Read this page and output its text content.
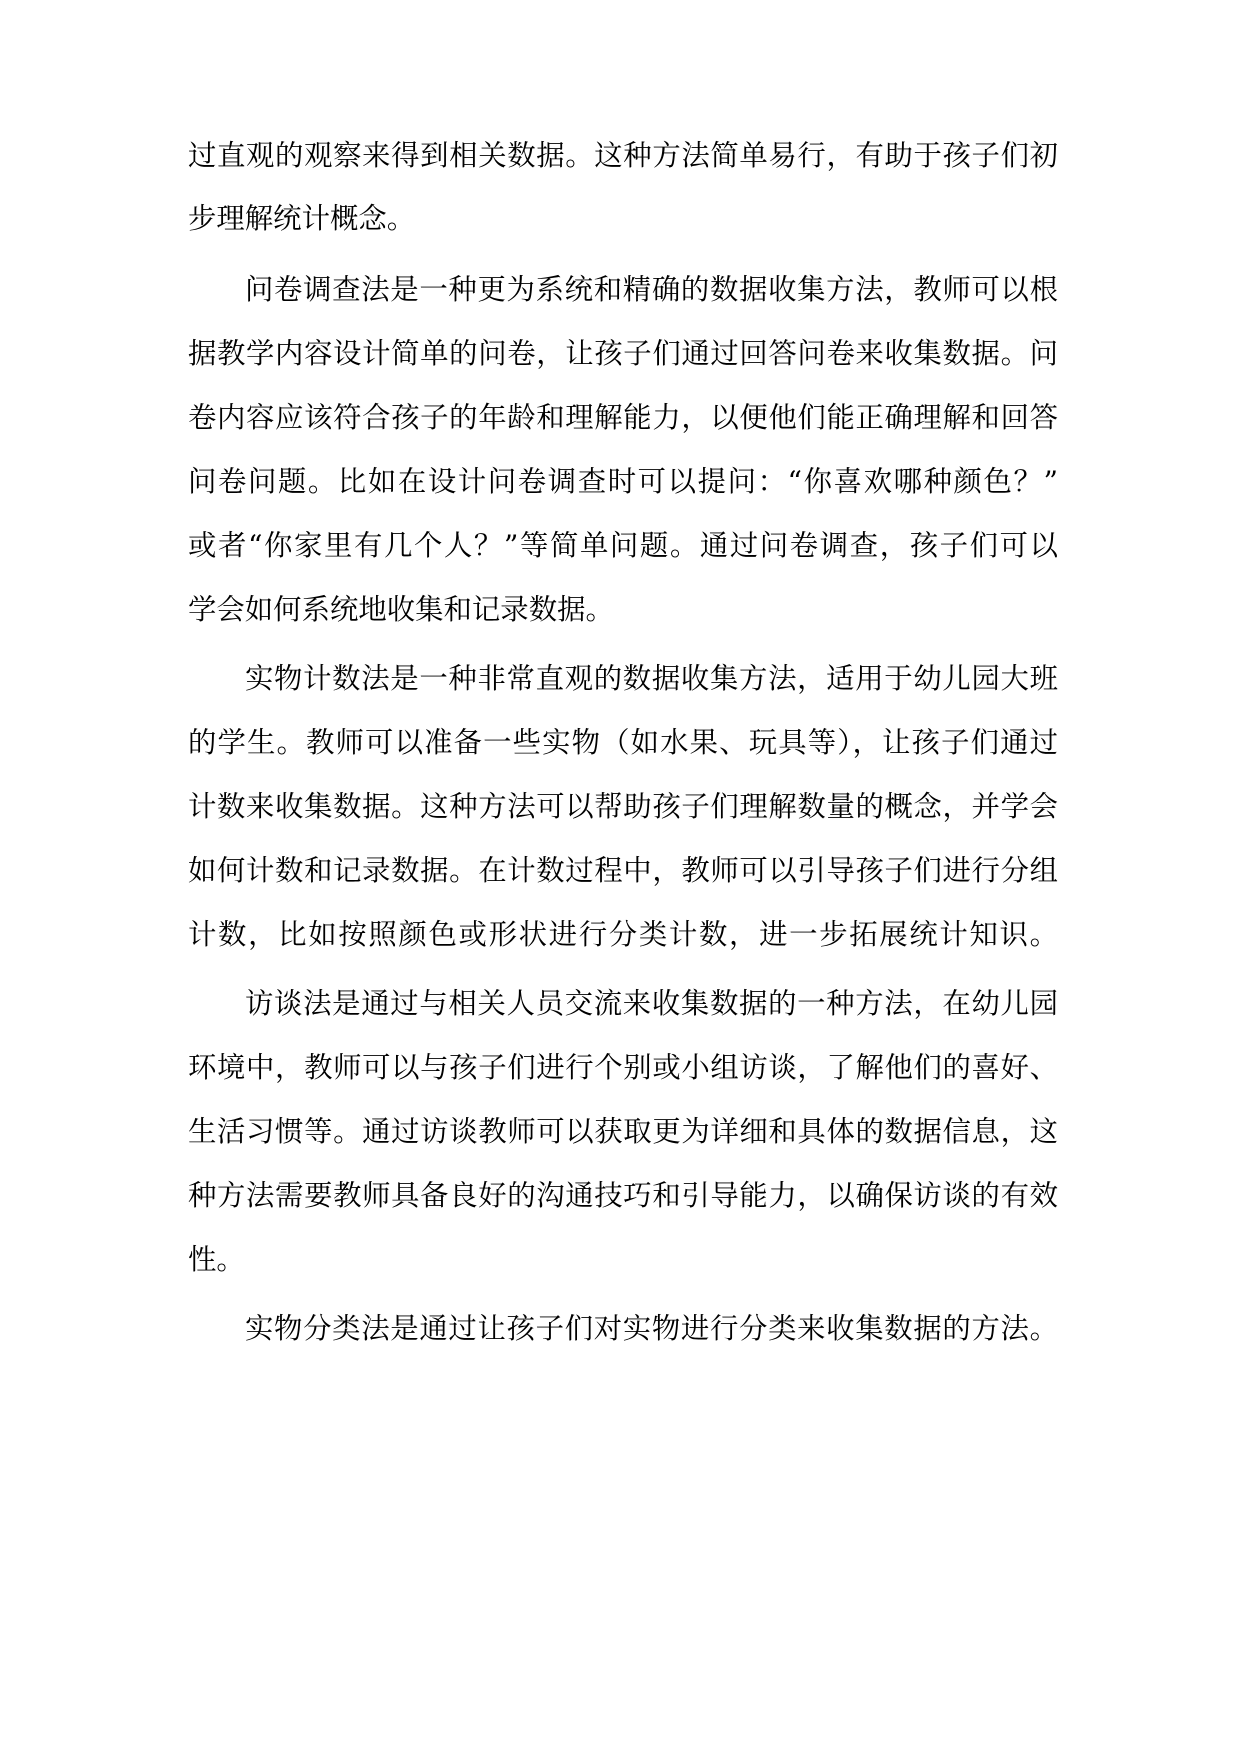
过直观的观察来得到相关数据。这种方法简单易行，有助于孩子们初
步理解统计概念。
问卷调查法是一种更为系统和精确的数据收集方法，教师可以根
据教学内容设计简单的问卷，让孩子们通过回答问卷来收集数据。问
卷内容应该符合孩子的年龄和理解能力，以便他们能正确理解和回答
问卷问题。比如在设计问卷调查时可以提问：“你喜欢哪种颜色？”
或者“你家里有几个人？”等简单问题。通过问卷调查，孩子们可以
学会如何系统地收集和记录数据。
实物计数法是一种非常直观的数据收集方法，适用于幼儿园大班
的学生。教师可以准备一些实物（如水果、玩具等），让孩子们通过
计数来收集数据。这种方法可以帮助孩子们理解数量的概念，并学会
如何计数和记录数据。在计数过程中，教师可以引导孩子们进行分组
计数，比如按照颜色或形状进行分类计数，进一步拓展统计知识。
访谈法是通过与相关人员交流来收集数据的一种方法，在幼儿园
环境中，教师可以与孩子们进行个别或小组访谈，了解他们的喜好、
生活习惯等。通过访谈教师可以获取更为详细和具体的数据信息，这
种方法需要教师具备良好的沟通技巧和引导能力，以确保访谈的有效
性。
实物分类法是通过让孩子们对实物进行分类来收集数据的方法。
